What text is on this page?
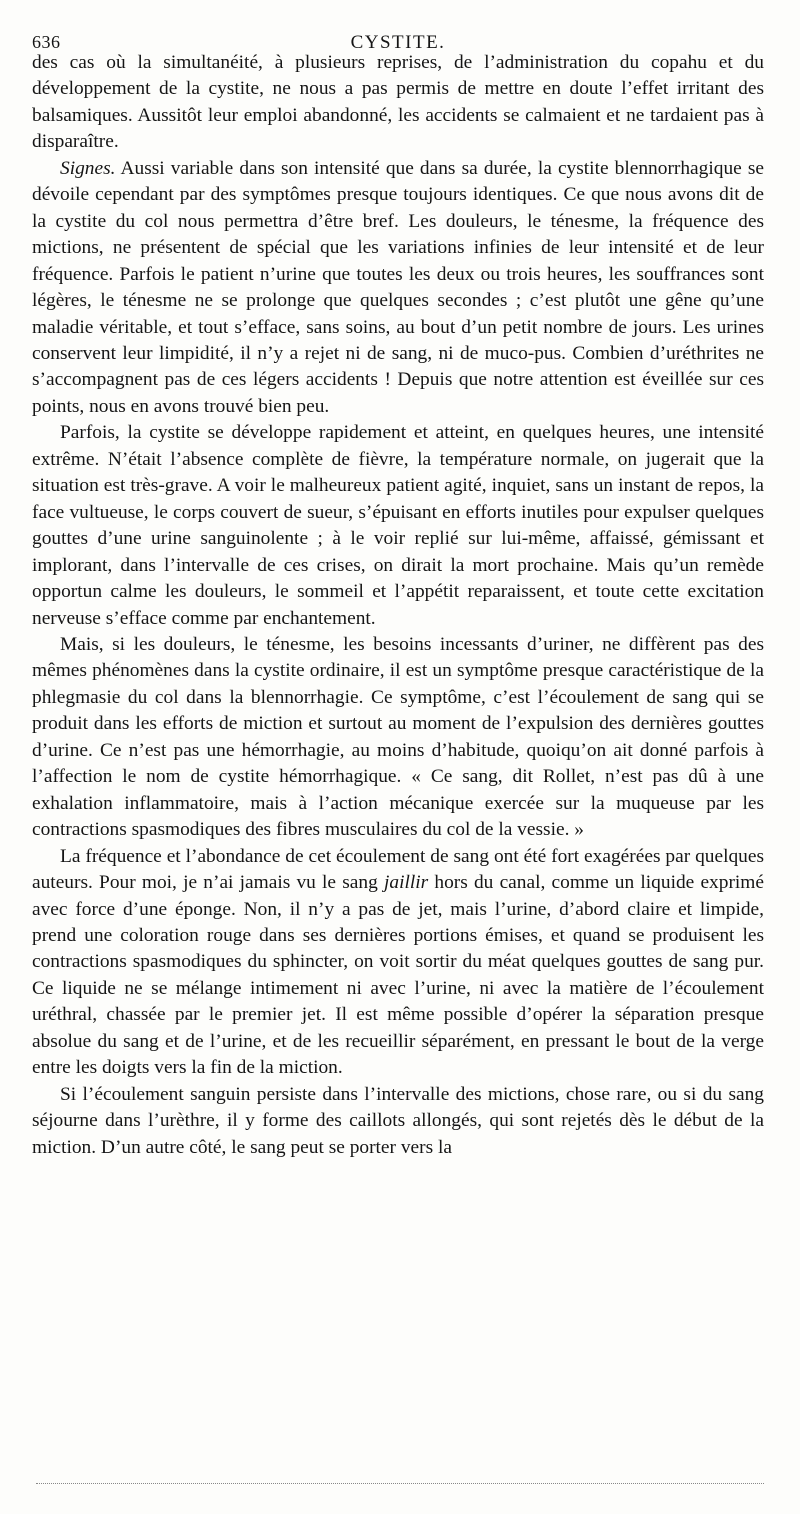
636	CYSTITE.

des cas où la simultanéité, à plusieurs reprises, de l’administration du copahu et du développement de la cystite, ne nous a pas permis de mettre en doute l’effet irritant des balsamiques. Aussitôt leur emploi abandonné, les accidents se calmaient et ne tardaient pas à disparaître.

Signes. Aussi variable dans son intensité que dans sa durée, la cystite blennorrhagique se dévoile cependant par des symptômes presque toujours identiques. Ce que nous avons dit de la cystite du col nous permettra d’être bref. Les douleurs, le ténesme, la fréquence des mictions, ne présentent de spécial que les variations infinies de leur intensité et de leur fréquence. Parfois le patient n’urine que toutes les deux ou trois heures, les souffrances sont légères, le ténesme ne se prolonge que quelques secondes ; c’est plutôt une gêne qu’une maladie véritable, et tout s’efface, sans soins, au bout d’un petit nombre de jours. Les urines conservent leur limpidité, il n’y a rejet ni de sang, ni de muco-pus. Combien d’uréthrites ne s’accompagnent pas de ces légers accidents ! Depuis que notre attention est éveillée sur ces points, nous en avons trouvé bien peu.

Parfois, la cystite se développe rapidement et atteint, en quelques heures, une intensité extrême. N’était l’absence complète de fièvre, la température normale, on jugerait que la situation est très-grave. A voir le malheureux patient agité, inquiet, sans un instant de repos, la face vultueuse, le corps couvert de sueur, s’épuisant en efforts inutiles pour expulser quelques gouttes d’une urine sanguinolente ; à le voir replié sur lui-même, affaissé, gémissant et implorant, dans l’intervalle de ces crises, on dirait la mort prochaine. Mais qu’un remède opportun calme les douleurs, le sommeil et l’appétit reparaissent, et toute cette excitation nerveuse s’efface comme par enchantement.

Mais, si les douleurs, le ténesme, les besoins incessants d’uriner, ne diffèrent pas des mêmes phénomènes dans la cystite ordinaire, il est un symptôme presque caractéristique de la phlegmasie du col dans la blennorrhagie. Ce symptôme, c’est l’écoulement de sang qui se produit dans les efforts de miction et surtout au moment de l’expulsion des dernières gouttes d’urine. Ce n’est pas une hémorrhagie, au moins d’habitude, quoiqu’on ait donné parfois à l’affection le nom de cystite hémorrhagique. « Ce sang, dit Rollet, n’est pas dû à une exhalation inflammatoire, mais à l’action mécanique exercée sur la muqueuse par les contractions spasmodiques des fibres musculaires du col de la vessie. »

La fréquence et l’abondance de cet écoulement de sang ont été fort exagérées par quelques auteurs. Pour moi, je n’ai jamais vu le sang jaillir hors du canal, comme un liquide exprimé avec force d’une éponge. Non, il n’y a pas de jet, mais l’urine, d’abord claire et limpide, prend une coloration rouge dans ses dernières portions émises, et quand se produisent les contractions spasmodiques du sphincter, on voit sortir du méat quelques gouttes de sang pur. Ce liquide ne se mélange intimement ni avec l’urine, ni avec la matière de l’écoulement uréthral, chassée par le premier jet. Il est même possible d’opérer la séparation presque absolue du sang et de l’urine, et de les recueillir séparément, en pressant le bout de la verge entre les doigts vers la fin de la miction.

Si l’écoulement sanguin persiste dans l’intervalle des mictions, chose rare, ou si du sang séjourne dans l’urèthre, il y forme des caillots allongés, qui sont rejetés dès le début de la miction. D’un autre côté, le sang peut se porter vers la
